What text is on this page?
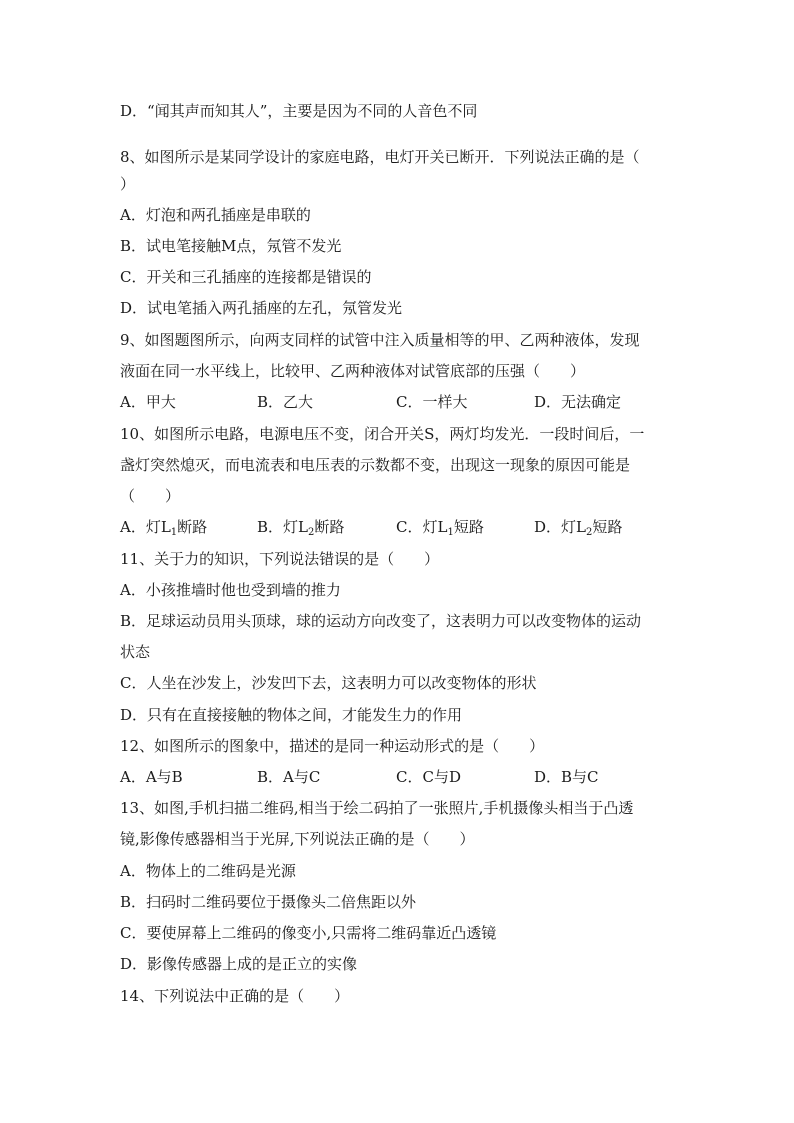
D．“闻其声而知其人”，主要是因为不同的人音色不同
8、如图所示是某同学设计的家庭电路，电灯开关已断开．下列说法正确的是（
）
A．灯泡和两孔插座是串联的
B．试电笔接触M点，氖管不发光
C．开关和三孔插座的连接都是错误的
D．试电笔插入两孔插座的左孔，氖管发光
9、如图题图所示，向两支同样的试管中注入质量相等的甲、乙两种液体，发现
液面在同一水平线上，比较甲、乙两种液体对试管底部的压强（　　）
A．甲大	B．乙大	C．一样大	D．无法确定
10、如图所示电路，电源电压不变，闭合开关S，两灯均发光．一段时间后，一
盏灯突然熄灭，而电流表和电压表的示数都不变，出现这一现象的原因可能是
（　　）
A．灯$L_1$断路	B．灯$L_2$断路	C．灯$L_1$短路	D．灯$L_2$短路
11、关于力的知识，下列说法错误的是（　　）
A．小孩推墙时他也受到墙的推力
B．足球运动员用头顶球，球的运动方向改变了，这表明力可以改变物体的运动
状态
C．人坐在沙发上，沙发凹下去，这表明力可以改变物体的形状
D．只有在直接接触的物体之间，才能发生力的作用
12、如图所示的图象中，描述的是同一种运动形式的是（　　）
A．A与B	B．A与C	C．C与D	D．B与C
13、如图,手机扫描二维码,相当于绘二码拍了一张照片,手机摄像头相当于凸透
镜,影像传感器相当于光屏,下列说法正确的是（　　）
A．物体上的二维码是光源
B．扫码时二维码要位于摄像头二倍焦距以外
C．要使屏幕上二维码的像变小,只需将二维码靠近凸透镜
D．影像传感器上成的是正立的实像
14、下列说法中正确的是（　　）
